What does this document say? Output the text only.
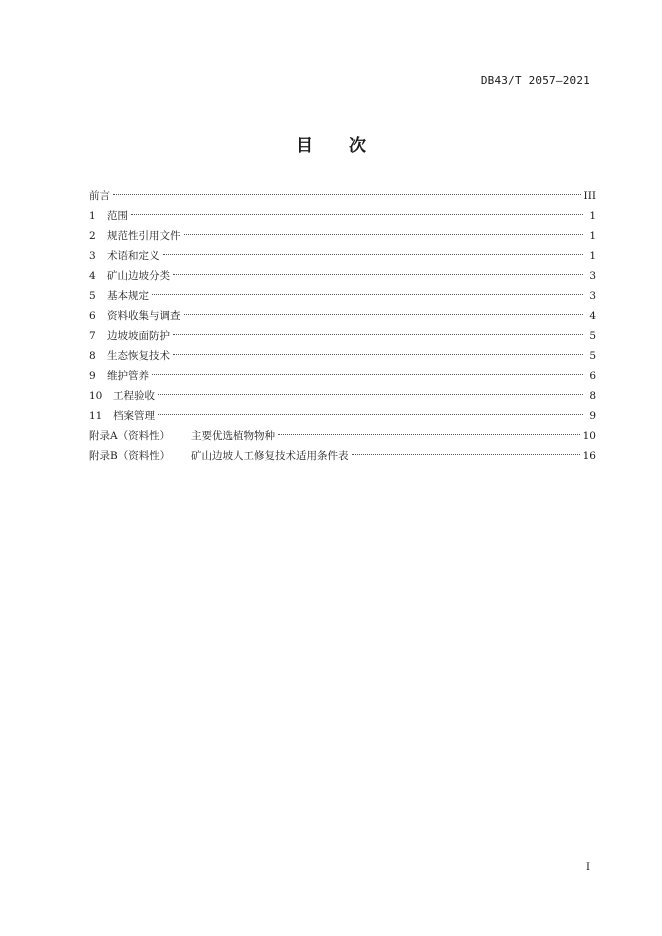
DB43/T 2057—2021
目 次
前言	III
1 范围	1
2 规范性引用文件	1
3 术语和定义	1
4 矿山边坡分类	3
5 基本规定	3
6 资料收集与调查	4
7 边坡坡面防护	5
8 生态恢复技术	5
9 维护管养	6
10 工程验收	8
11 档案管理	9
附录A（资料性） 主要优选植物物种	10
附录B（资料性） 矿山边坡人工修复技术适用条件表	16
I
